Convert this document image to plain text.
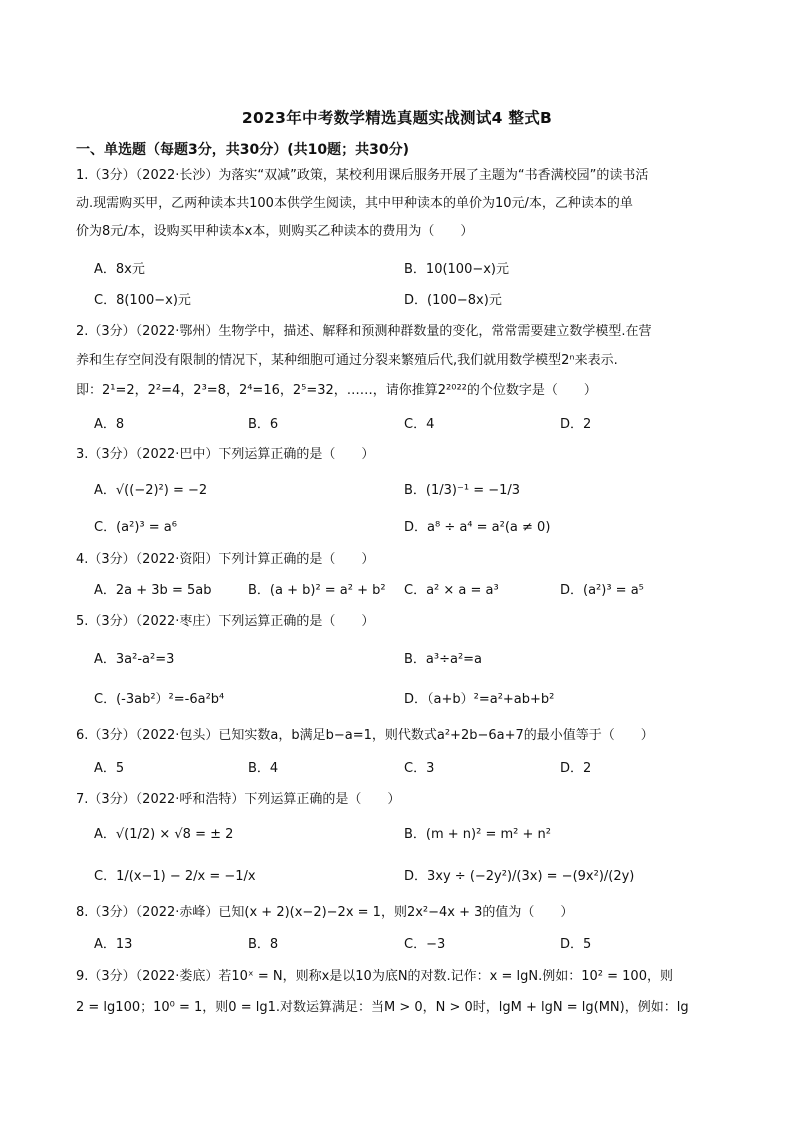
2023年中考数学精选真题实战测试4 整式B
一、单选题（每题3分，共30分）(共10题；共30分)
1.（3分）（2022·长沙）为落实“双减”政策，某校利用课后服务开展了主题为“书香满校园”的读书活
动.现需购买甲，乙两种读本共100本供学生阅读，其中甲种读本的单价为10元/本，乙种读本的单
价为8元/本，设购买甲种读本x本，则购买乙种读本的费用为（　　）
A．8x元	B．10(100−x)元
C．8(100−x)元	D．(100−8x)元
2.（3分）（2022·鄂州）生物学中，描述、解释和预测种群数量的变化，常常需要建立数学模型.在营
养和生存空间没有限制的情况下，某种细胞可通过分裂来繁殖后代,我们就用数学模型2ⁿ来表示.
即：2¹=2，2²=4，2³=8，2⁴=16，2⁵=32，……，请你推算2²⁰²²的个位数字是（　　）
A．8	B．6	C．4	D．2
3.（3分）（2022·巴中）下列运算正确的是（　　）
A．√((−2)²) = −2	B．(1/3)⁻¹ = −1/3
C．(a²)³ = a⁶	D．a⁸ ÷ a⁴ = a²(a ≠ 0)
4.（3分）（2022·资阳）下列计算正确的是（　　）
A．2a + 3b = 5ab	B．(a + b)² = a² + b² C．a² × a = a³	D．(a²)³ = a⁵
5.（3分）（2022·枣庄）下列运算正确的是（　　）
A．3a²-a²=3	B．a³÷a²=a
C．(-3ab²）²=-6a²b⁴	D．（a+b）²=a²+ab+b²
6.（3分）（2022·包头）已知实数a，b满足b−a=1，则代数式a²+2b−6a+7的最小值等于（　　）
A．5	B．4	C．3	D．2
7.（3分）（2022·呼和浩特）下列运算正确的是（　　）
A．√(1/2) × √8 = ± 2	B．(m + n)² = m² + n²
C．1/(x−1) − 2/x = −1/x	D．3xy ÷ (−2y²)/(3x) = −(9x²)/(2y)
8.（3分）（2022·赤峰）已知(x + 2)(x−2)−2x = 1，则2x²−4x + 3的值为（　　）
A．13	B．8	C．−3	D．5
9.（3分）（2022·娄底）若10ˣ = N，则称x是以10为底N的对数.记作：x = lgN.例如：10² = 100，则
2 = lg100；10⁰ = 1，则0 = lg1.对数运算满足：当M > 0，N > 0时，lgM + lgN = lg(MN)，例如：lg
